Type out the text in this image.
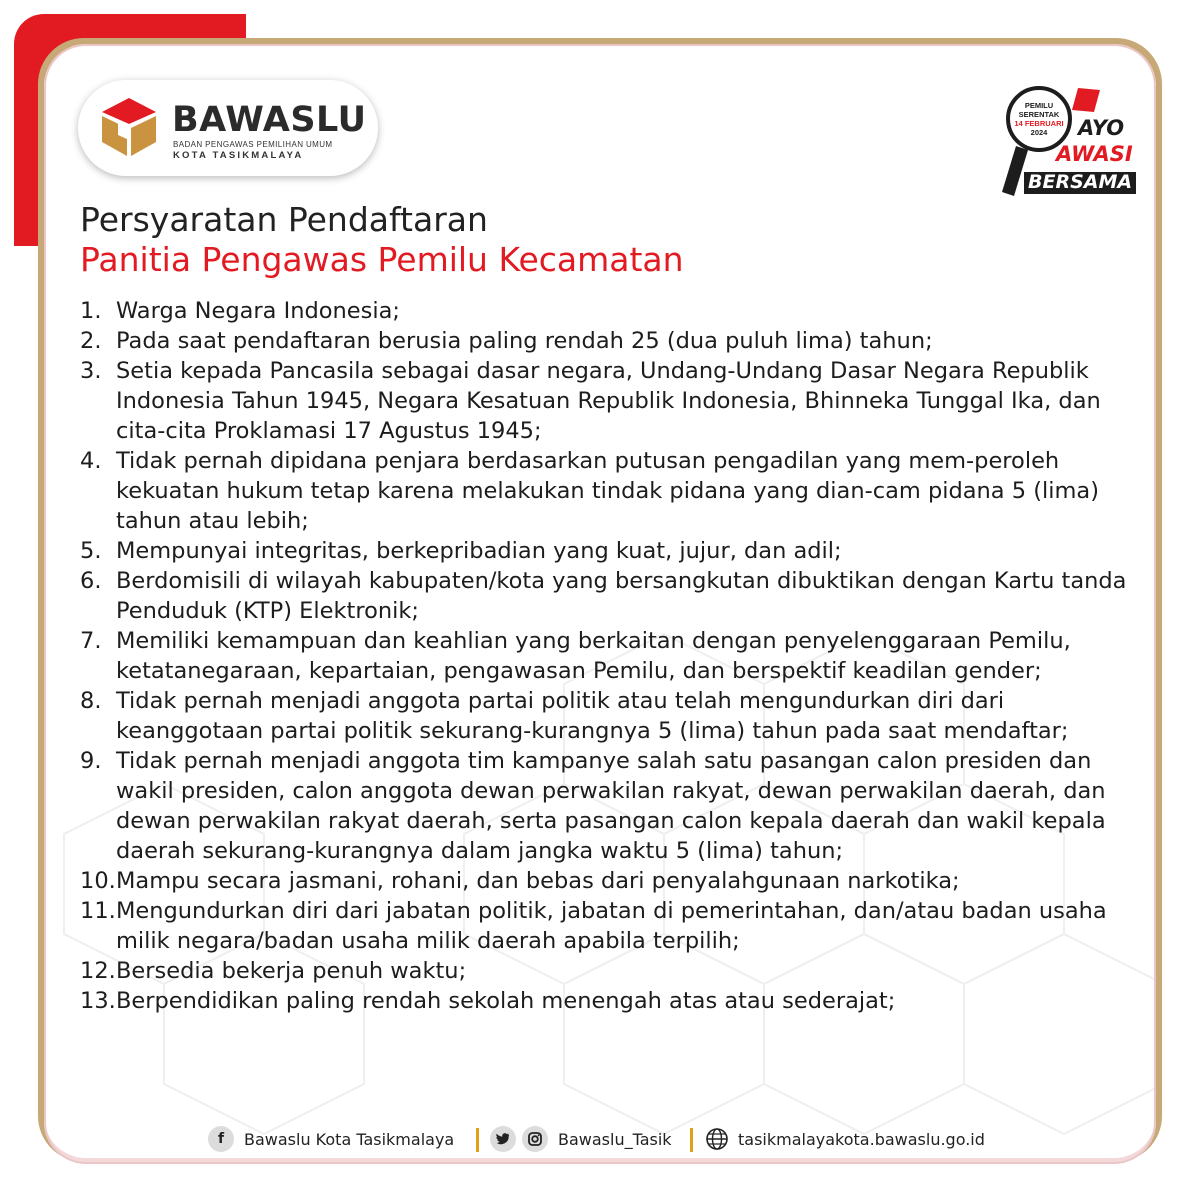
BAWASLU
BADAN PENGAWAS PEMILIHAN UMUM
KOTA TASIKMALAYA
PEMILU
SERENTAK
14 FEBRUARI
2024	AYO
AWASI
BERSAMA
Persyaratan Pendaftaran
Panitia Pengawas Pemilu Kecamatan
1. Warga Negara Indonesia;
2. Pada saat pendaftaran berusia paling rendah 25 (dua puluh lima) tahun;
3. Setia kepada Pancasila sebagai dasar negara, Undang-Undang Dasar Negara Republik Indonesia Tahun 1945, Negara Kesatuan Republik Indonesia, Bhinneka Tunggal Ika, dan cita-cita Proklamasi 17 Agustus 1945;
4. Tidak pernah dipidana penjara berdasarkan putusan pengadilan yang mem-peroleh kekuatan hukum tetap karena melakukan tindak pidana yang dian-cam pidana 5 (lima) tahun atau lebih;
5. Mempunyai integritas, berkepribadian yang kuat, jujur, dan adil;
6. Berdomisili di wilayah kabupaten/kota yang bersangkutan dibuktikan dengan Kartu tanda Penduduk (KTP) Elektronik;
7. Memiliki kemampuan dan keahlian yang berkaitan dengan penyelenggaraan Pemilu, ketatanegaraan, kepartaian, pengawasan Pemilu, dan berspektif keadilan gender;
8. Tidak pernah menjadi anggota partai politik atau telah mengundurkan diri dari keanggotaan partai politik sekurang-kurangnya 5 (lima) tahun pada saat mendaftar;
9. Tidak pernah menjadi anggota tim kampanye salah satu pasangan calon presiden dan wakil presiden, calon anggota dewan perwakilan rakyat, dewan perwakilan daerah, dan dewan perwakilan rakyat daerah, serta pasangan calon kepala daerah dan wakil kepala daerah sekurang-kurangnya dalam jangka waktu 5 (lima) tahun;
10. Mampu secara jasmani, rohani, dan bebas dari penyalahgunaan narkotika;
11. Mengundurkan diri dari jabatan politik, jabatan di pemerintahan, dan/atau badan usaha milik negara/badan usaha milik daerah apabila terpilih;
12. Bersedia bekerja penuh waktu;
13. Berpendidikan paling rendah sekolah menengah atas atau sederajat;
f	Bawaslu Kota Tasikmalaya	Bawaslu_Tasik	tasikmalayakota.bawaslu.go.id
